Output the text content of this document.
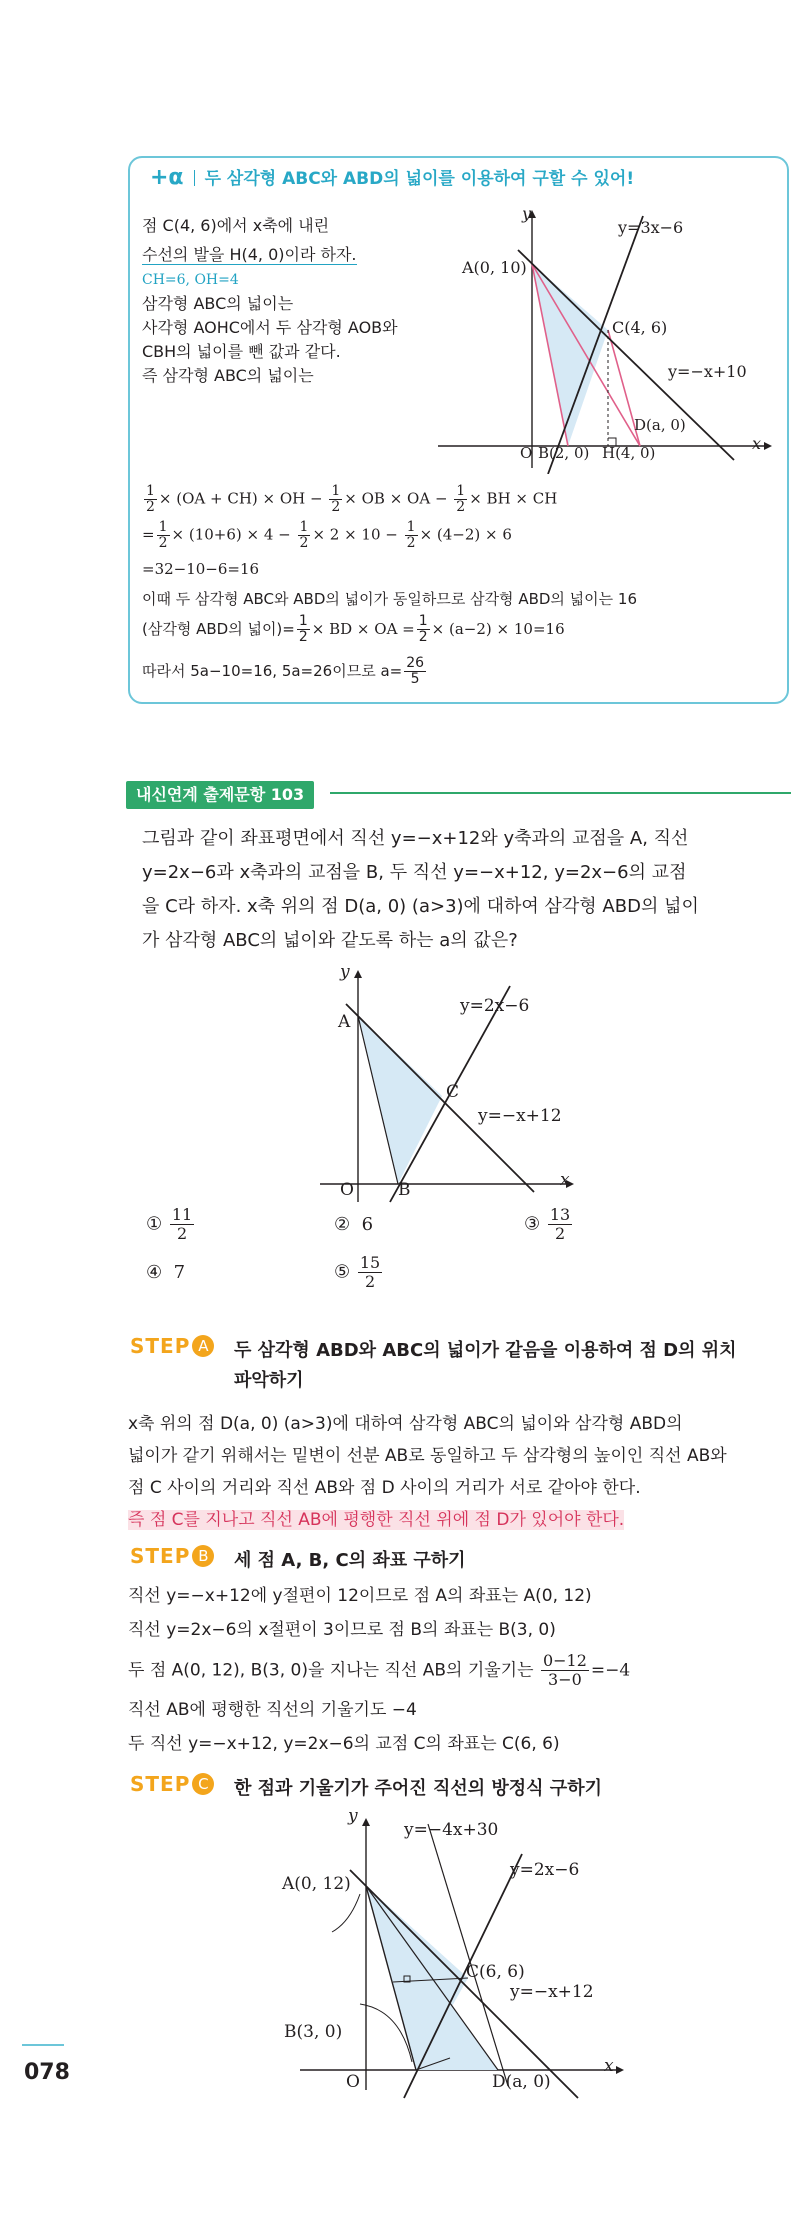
+α 두 삼각형 ABC와 ABD의 넓이를 이용하여 구할 수 있어!
점 C(4, 6)에서 x축에 내린
수선의 발을 H(4, 0)이라 하자.
CH=6, OH=4
삼각형 ABC의 넓이는
사각형 AOHC에서 두 삼각형 AOB와
CBH의 넓이를 뺀 값과 같다.
즉 삼각형 ABC의 넓이는
y
x
y=3x−6
y=−x+10
A(0, 10)
C(4, 6)
D(a, 0)
O B(2, 0) H(4, 0)
$\frac{1}{2} \times (OA + CH)$ × OH − $\frac{1}{2}$ × OB × OA − $\frac{1}{2}$ × BH × CH
= $\frac{1}{2} \times (10+6) \times 4 - \frac{1}{2} \times 2 \times 10 - \frac{1}{2} \times (4-2) \times 6$
=32−10−6=16
이때 두 삼각형 ABC와 ABD의 넓이가 동일하므로 삼각형 ABD의 넓이는 16
(삼각형 ABD의 넓이)= $\frac{1}{2}$ × BD × OA = $\frac{1}{2} \times (a-2) \times 10=16$
따라서 5a−10=16, 5a=26이므로 $a= \frac{26}{5}$
내신연계 출제문항 103
그림과 같이 좌표평면에서 직선 y=−x+12와 y축과의 교점을 A, 직선
y=2x−6과 x축과의 교점을 B, 두 직선 y=−x+12, y=2x−6의 교점
을 C라 하자. x축 위의 점 D(a, 0) (a>3)에 대하여 삼각형 ABD의 넓이
가 삼각형 ABC의 넓이와 같도록 하는 a의 값은?
y
x
y=2x−6
y=−x+12
A
C
O	B
① $\frac{11}{2}$	② 6	③ $\frac{13}{2}$
④ 7	⑤ $\frac{15}{2}$
STEP A	두 삼각형 ABD와 ABC의 넓이가 같음을 이용하여 점 D의 위치
파악하기
x축 위의 점 D(a, 0) (a>3)에 대하여 삼각형 ABC의 넓이와 삼각형 ABD의
넓이가 같기 위해서는 밑변이 선분 AB로 동일하고 두 삼각형의 높이인 직선 AB와
점 C 사이의 거리와 직선 AB와 점 D 사이의 거리가 서로 같아야 한다.
즉 점 C를 지나고 직선 AB에 평행한 직선 위에 점 D가 있어야 한다.
STEP B	세 점 A, B, C의 좌표 구하기
직선 y=−x+12에 y절편이 12이므로 점 A의 좌표는 A(0, 12)
직선 y=2x−6의 x절편이 3이므로 점 B의 좌표는 B(3, 0)
두 점 A(0, 12), B(3, 0)을 지나는 직선 AB의 기울기는 $\frac{0-12}{3-0} =-4$
직선 AB에 평행한 직선의 기울기도 −4
두 직선 y=−x+12, y=2x−6의 교점 C의 좌표는 C(6, 6)
STEP C	한 점과 기울기가 주어진 직선의 방정식 구하기
y
x
y=−4x+30
y=2x−6
y=−x+12
A(0, 12)
C(6, 6)
B(3, 0)
O	D(a, 0)
078
